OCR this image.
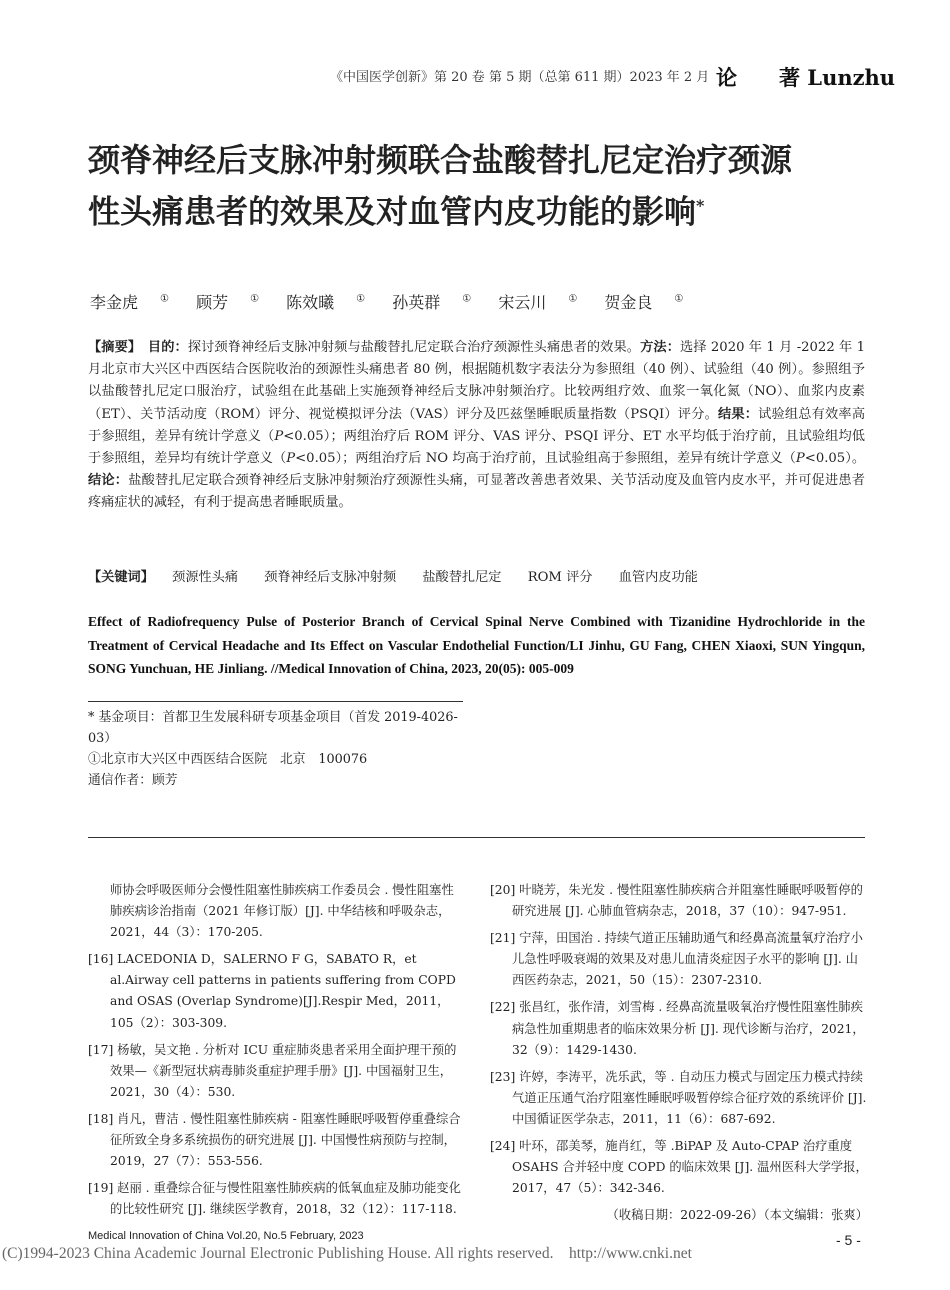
《中国医学创新》第 20 卷 第 5 期（总第 611 期）2023 年 2 月 论　　著 Lunzhu
颈脊神经后支脉冲射频联合盐酸替扎尼定治疗颈源性头痛患者的效果及对血管内皮功能的影响*
李金虎 ① 顾芳 ① 陈效曦 ① 孙英群 ① 宋云川 ① 贺金良 ①
【摘要】　 目的：探讨颈脊神经后支脉冲射频与盐酸替扎尼定联合治疗颈源性头痛患者的效果。方法：选择 2020 年 1 月 -2022 年 1 月北京市大兴区中西医结合医院收治的颈源性头痛患者 80 例，根据随机数字表法分为参照组（40 例）、试验组（40 例）。参照组予以盐酸替扎尼定口服治疗，试验组在此基础上实施颈脊神经后支脉冲射频治疗。比较两组疗效、血浆一氧化氮（NO）、血浆内皮素（ET）、关节活动度（ROM）评分、视觉模拟评分法（VAS）评分及匹兹堡睡眠质量指数（PSQI）评分。结果：试验组总有效率高于参照组，差异有统计学意义（P<0.05）；两组治疗后 ROM 评分、VAS 评分、PSQI 评分、ET 水平均低于治疗前，且试验组均低于参照组，差异均有统计学意义（P<0.05）；两组治疗后 NO 均高于治疗前，且试验组高于参照组，差异有统计学意义（P<0.05）。结论：盐酸替扎尼定联合颈脊神经后支脉冲射频治疗颈源性头痛，可显著改善患者效果、关节活动度及血管内皮水平，并可促进患者疼痛症状的减轻，有利于提高患者睡眠质量。
【关键词】 颈源性头痛 颈脊神经后支脉冲射频 盐酸替扎尼定 ROM 评分 血管内皮功能
Effect of Radiofrequency Pulse of Posterior Branch of Cervical Spinal Nerve Combined with Tizanidine Hydrochloride in the Treatment of Cervical Headache and Its Effect on Vascular Endothelial Function/LI Jinhu, GU Fang, CHEN Xiaoxi, SUN Yingqun, SONG Yunchuan, HE Jinliang. //Medical Innovation of China, 2023, 20(05): 005-009
* 基金项目：首都卫生发展科研专项基金项目（首发 2019-4026-03）
①北京市大兴区中西医结合医院　北京　100076
通信作者：顾芳
师协会呼吸医师分会慢性阻塞性肺疾病工作委员会 . 慢性阻塞性肺疾病诊治指南（2021 年修订版）[J]. 中华结核和呼吸杂志，2021，44（3）：170-205.
[16] LACEDONIA D，SALERNO F G，SABATO R，et al.Airway cell patterns in patients suffering from COPD and OSAS (Overlap Syndrome)[J].Respir Med，2011，105（2）：303-309.
[17] 杨敏，吴文艳 . 分析对 ICU 重症肺炎患者采用全面护理干预的效果—《新型冠状病毒肺炎重症护理手册》[J]. 中国福射卫生，2021，30（4）：530.
[18] 肖凡，曹洁 . 慢性阻塞性肺疾病 - 阻塞性睡眠呼吸暂停重叠综合征所致全身多系统损伤的研究进展 [J]. 中国慢性病预防与控制，2019，27（7）：553-556.
[19] 赵丽 . 重叠综合征与慢性阻塞性肺疾病的低氧血症及肺功能变化的比较性研究 [J]. 继续医学教育，2018，32（12）：117-118.
[20] 叶晓芳，朱光发 . 慢性阻塞性肺疾病合并阻塞性睡眠呼吸暂停的研究进展 [J]. 心肺血管病杂志，2018，37（10）：947-951.
[21] 宁萍，田国治 . 持续气道正压辅助通气和经鼻高流量氧疗治疗小儿急性呼吸衰竭的效果及对患儿血清炎症因子水平的影响 [J]. 山西医药杂志，2021，50（15）：2307-2310.
[22] 张昌红，张作清，刘雪梅 . 经鼻高流量吸氧治疗慢性阻塞性肺疾病急性加重期患者的临床效果分析 [J]. 现代诊断与治疗，2021，32（9）：1429-1430.
[23] 许婷，李涛平，冼乐武，等 . 自动压力模式与固定压力模式持续气道正压通气治疗阻塞性睡眠呼吸暂停综合征疗效的系统评价 [J]. 中国循证医学杂志，2011，11（6）：687-692.
[24] 叶环，邵美琴，施肖红，等 .BiPAP 及 Auto-CPAP 治疗重度 OSAHS 合并轻中度 COPD 的临床效果 [J]. 温州医科大学学报，2017，47（5）：342-346.
（收稿日期：2022-09-26）（本文编辑：张爽）
Medical Innovation of China Vol.20, No.5 February, 2023	- 5 -
(C)1994-2023 China Academic Journal Electronic Publishing House. All rights reserved.　http://www.cnki.net
